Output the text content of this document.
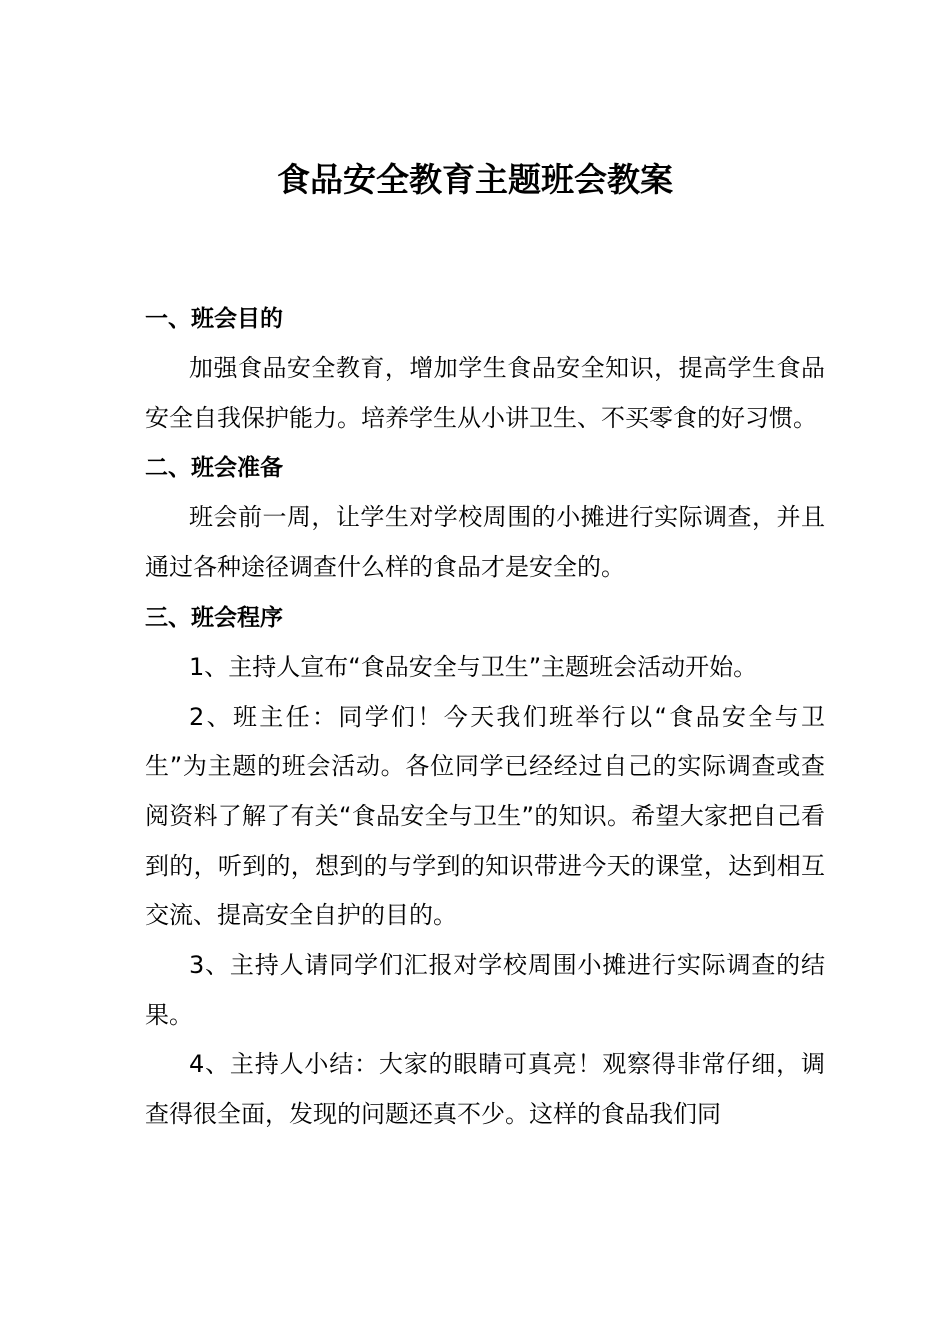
食品安全教育主题班会教案
一、班会目的

加强食品安全教育，增加学生食品安全知识，提高学生食品安全自我保护能力。培养学生从小讲卫生、不买零食的好习惯。

二、班会准备

班会前一周，让学生对学校周围的小摊进行实际调查，并且通过各种途径调查什么样的食品才是安全的。

三、班会程序

1、主持人宣布“食品安全与卫生”主题班会活动开始。

2、班主任：同学们！今天我们班举行以“食品安全与卫生”为主题的班会活动。各位同学已经经过自己的实际调查或查阅资料了解了有关“食品安全与卫生”的知识。希望大家把自己看到的，听到的，想到的与学到的知识带进今天的课堂，达到相互交流、提高安全自护的目的。

3、主持人请同学们汇报对学校周围小摊进行实际调查的结果。

4、主持人小结：大家的眼睛可真亮！观察得非常仔细，调查得很全面，发现的问题还真不少。这样的食品我们同
